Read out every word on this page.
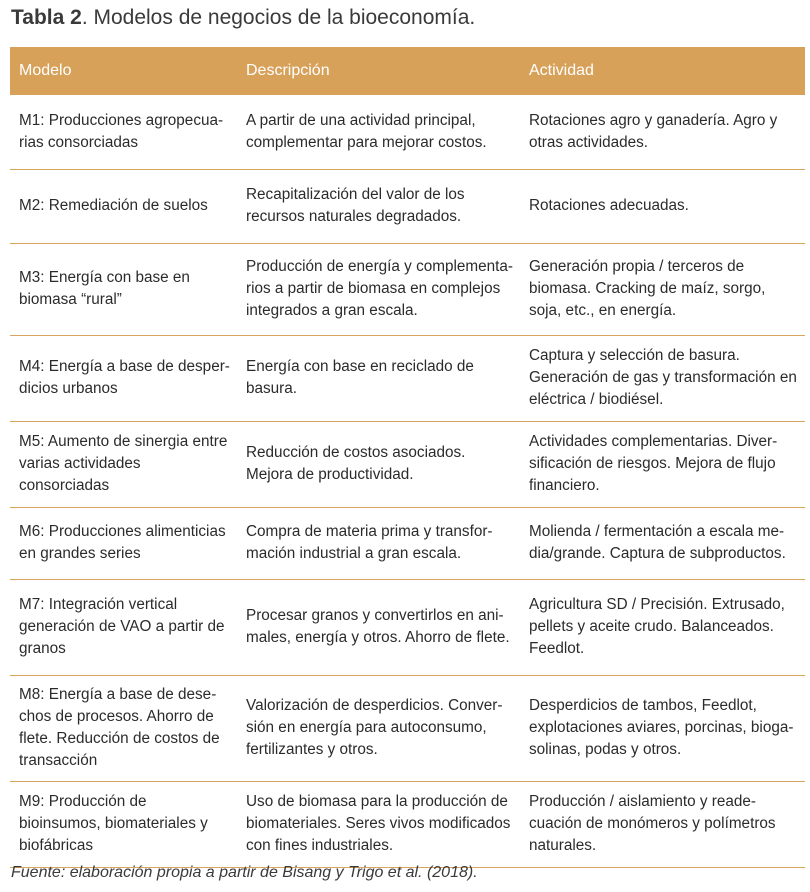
Tabla 2. Modelos de negocios de la bioeconomía.
Modelo	Descripción	Actividad
M1: Producciones agropecua-rias consorciadas	A partir de una actividad principal, complementar para mejorar costos.	Rotaciones agro y ganadería. Agro y otras actividades.
M2: Remediación de suelos	Recapitalización del valor de los recursos naturales degradados.	Rotaciones adecuadas.
M3: Energía con base en biomasa “rural”	Producción de energía y complementa-rios a partir de biomasa en complejos integrados a gran escala.	Generación propia / terceros de biomasa. Cracking de maíz, sorgo, soja, etc., en energía.
M4: Energía a base de desper-dicios urbanos	Energía con base en reciclado de basura.	Captura y selección de basura. Generación de gas y transformación en eléctrica / biodiésel.
M5: Aumento de sinergia entre varias actividades consorciadas	Reducción de costos asociados. Mejora de productividad.	Actividades complementarias. Diver-sificación de riesgos. Mejora de flujo financiero.
M6: Producciones alimenticias en grandes series	Compra de materia prima y transfor-mación industrial a gran escala.	Molienda / fermentación a escala me-dia/grande. Captura de subproductos.
M7: Integración vertical generación de VAO a partir de granos	Procesar granos y convertirlos en ani-males, energía y otros. Ahorro de flete.	Agricultura SD / Precisión. Extrusado, pellets y aceite crudo. Balanceados. Feedlot.
M8: Energía a base de dese-chos de procesos. Ahorro de flete. Reducción de costos de transacción	Valorización de desperdicios. Conver-sión en energía para autoconsumo, fertilizantes y otros.	Desperdicios de tambos, Feedlot, explotaciones aviares, porcinas, bioga-solinas, podas y otros.
M9: Producción de bioinsumos, biomateriales y biofábricas	Uso de biomasa para la producción de biomateriales. Seres vivos modificados con fines industriales.	Producción / aislamiento y reade-cuación de monómeros y polímetros naturales.
Fuente: elaboración propia a partir de Bisang y Trigo et al. (2018).
